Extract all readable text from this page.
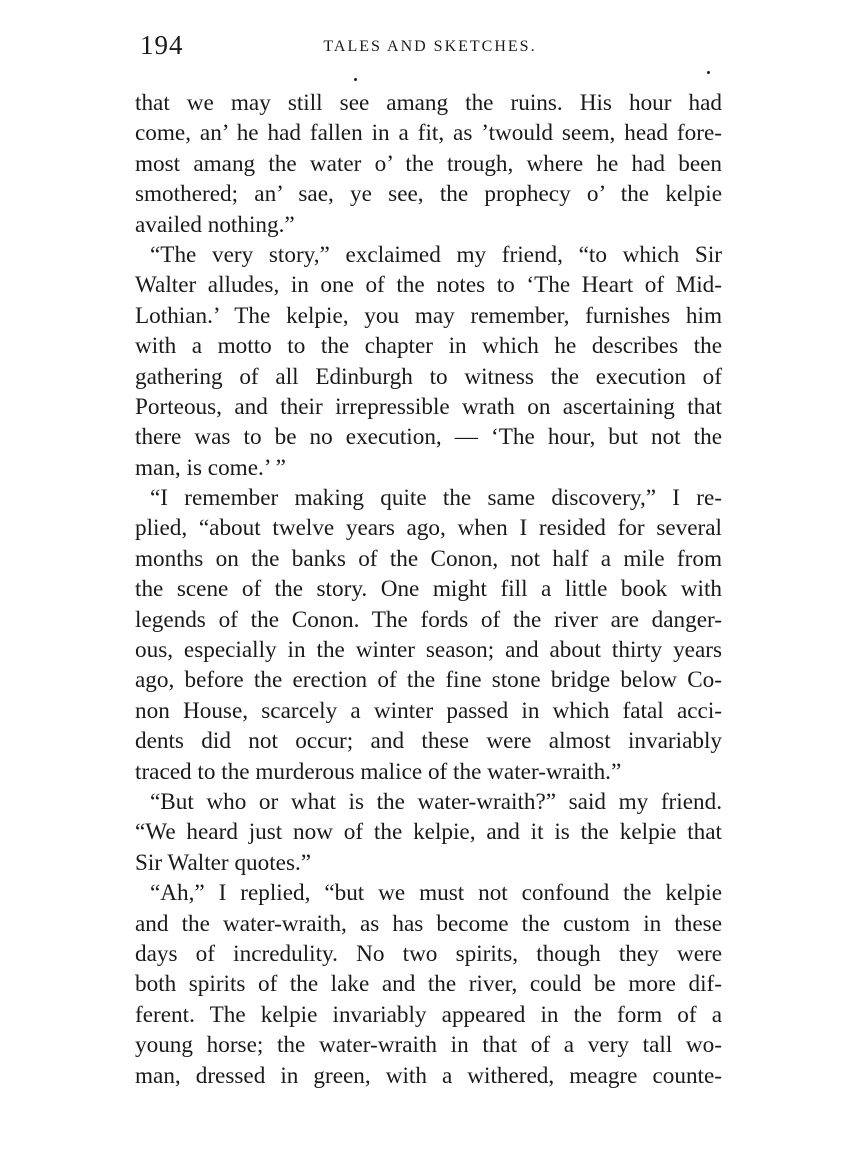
194	TALES AND SKETCHES.
that we may still see amang the ruins. His hour had
come, an’ he had fallen in a fit, as ’twould seem, head fore-
most amang the water o’ the trough, where he had been
smothered; an’ sae, ye see, the prophecy o’ the kelpie
availed nothing.”
“The very story,” exclaimed my friend, “to which Sir
Walter alludes, in one of the notes to ‘The Heart of Mid-
Lothian.’ The kelpie, you may remember, furnishes him
with a motto to the chapter in which he describes the
gathering of all Edinburgh to witness the execution of
Porteous, and their irrepressible wrath on ascertaining that
there was to be no execution, — ‘The hour, but not the
man, is come.’ ”
“I remember making quite the same discovery,” I re-
plied, “about twelve years ago, when I resided for several
months on the banks of the Conon, not half a mile from
the scene of the story. One might fill a little book with
legends of the Conon. The fords of the river are danger-
ous, especially in the winter season; and about thirty years
ago, before the erection of the fine stone bridge below Co-
non House, scarcely a winter passed in which fatal acci-
dents did not occur; and these were almost invariably
traced to the murderous malice of the water-wraith.”
“But who or what is the water-wraith?” said my friend.
“We heard just now of the kelpie, and it is the kelpie that
Sir Walter quotes.”
“Ah,” I replied, “but we must not confound the kelpie
and the water-wraith, as has become the custom in these
days of incredulity. No two spirits, though they were
both spirits of the lake and the river, could be more dif-
ferent. The kelpie invariably appeared in the form of a
young horse; the water-wraith in that of a very tall wo-
man, dressed in green, with a withered, meagre counte-
